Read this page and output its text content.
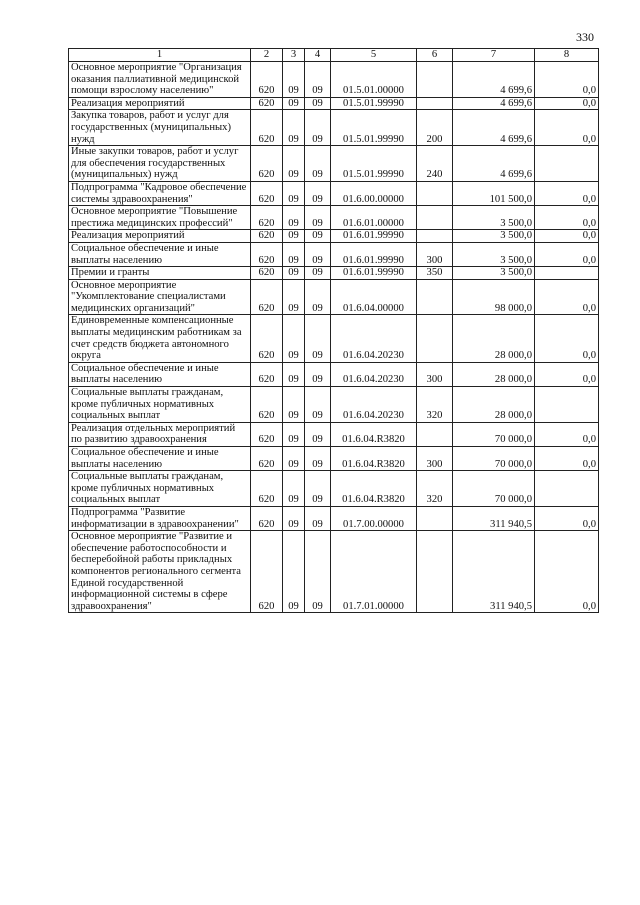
330
1	2	3	4	5	6	7	8
Основное мероприятие "Организация оказания паллиативной медицинской помощи взрослому населению"	620	09	09	01.5.01.00000		4 699,6	0,0
Реализация мероприятий	620	09	09	01.5.01.99990		4 699,6	0,0
Закупка товаров, работ и услуг для государственных (муниципальных) нужд	620	09	09	01.5.01.99990	200	4 699,6	0,0
Иные закупки товаров, работ и услуг для обеспечения государственных (муниципальных) нужд	620	09	09	01.5.01.99990	240	4 699,6	
Подпрограмма "Кадровое обеспечение системы здравоохранения"	620	09	09	01.6.00.00000		101 500,0	0,0
Основное мероприятие "Повышение престижа медицинских профессий"	620	09	09	01.6.01.00000		3 500,0	0,0
Реализация мероприятий	620	09	09	01.6.01.99990		3 500,0	0,0
Социальное обеспечение и иные выплаты населению	620	09	09	01.6.01.99990	300	3 500,0	0,0
Премии и гранты	620	09	09	01.6.01.99990	350	3 500,0	
Основное мероприятие "Укомплектование специалистами медицинских организаций"	620	09	09	01.6.04.00000		98 000,0	0,0
Единовременные компенсационные выплаты медицинским работникам за счет средств бюджета автономного округа	620	09	09	01.6.04.20230		28 000,0	0,0
Социальное обеспечение и иные выплаты населению	620	09	09	01.6.04.20230	300	28 000,0	0,0
Социальные выплаты гражданам, кроме публичных нормативных социальных выплат	620	09	09	01.6.04.20230	320	28 000,0	
Реализация отдельных мероприятий по развитию здравоохранения	620	09	09	01.6.04.R3820		70 000,0	0,0
Социальное обеспечение и иные выплаты населению	620	09	09	01.6.04.R3820	300	70 000,0	0,0
Социальные выплаты гражданам, кроме публичных нормативных социальных выплат	620	09	09	01.6.04.R3820	320	70 000,0	
Подпрограмма "Развитие информатизации в здравоохранении"	620	09	09	01.7.00.00000		311 940,5	0,0
Основное мероприятие "Развитие и обеспечение работоспособности и бесперебойной работы прикладных компонентов регионального сегмента Единой государственной информационной системы в сфере здравоохранения"	620	09	09	01.7.01.00000		311 940,5	0,0
